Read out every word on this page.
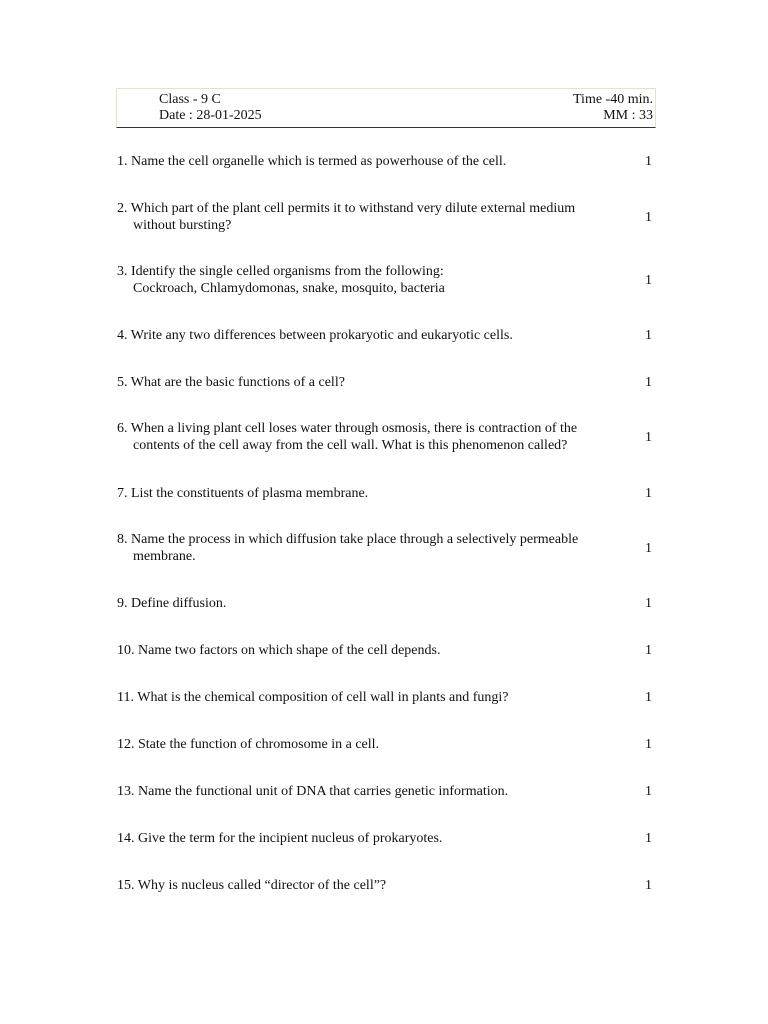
Class - 9 C	Time -40 min.
Date : 28-01-2025	MM : 33
1. Name the cell organelle which is termed as powerhouse of the cell.	1
2. Which part of the plant cell permits it to withstand very dilute external medium
without bursting?
1
3. Identify the single celled organisms from the following:
Cockroach, Chlamydomonas, snake, mosquito, bacteria
1
4. Write any two differences between prokaryotic and eukaryotic cells.	1
5. What are the basic functions of a cell?	1
6. When a living plant cell loses water through osmosis, there is contraction of the
contents of the cell away from the cell wall. What is this phenomenon called?
1
7. List the constituents of plasma membrane.	1
8. Name the process in which diffusion take place through a selectively permeable
membrane.
1
9. Define diffusion.	1
10. Name two factors on which shape of the cell depends.	1
11. What is the chemical composition of cell wall in plants and fungi?	1
12. State the function of chromosome in a cell.	1
13. Name the functional unit of DNA that carries genetic information.	1
14. Give the term for the incipient nucleus of prokaryotes.	1
15. Why is nucleus called “director of the cell”?	1
